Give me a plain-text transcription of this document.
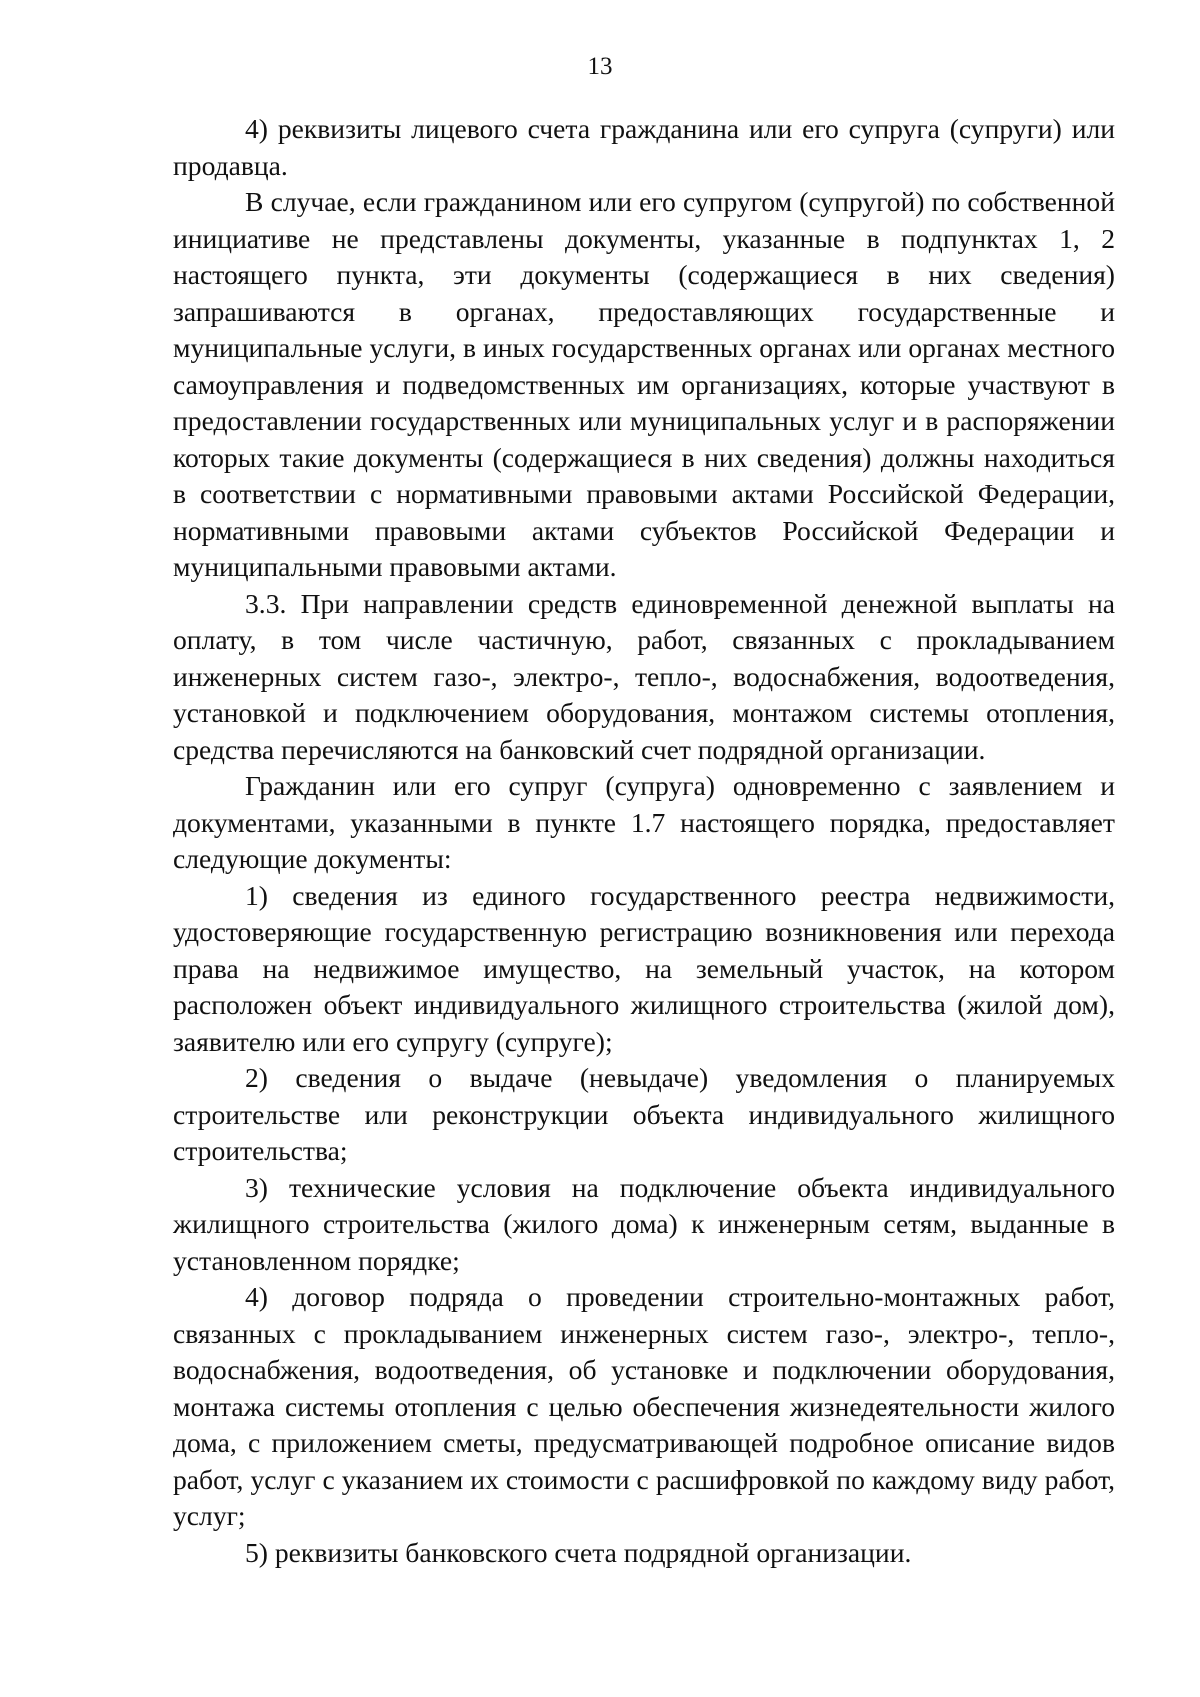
13

4) реквизиты лицевого счета гражданина или его супруга (супруги) или продавца.

В случае, если гражданином или его супругом (супругой) по собственной инициативе не представлены документы, указанные в подпунктах 1, 2 настоящего пункта, эти документы (содержащиеся в них сведения) запрашиваются в органах, предоставляющих государственные и муниципальные услуги, в иных государственных органах или органах местного самоуправления и подведомственных им организациях, которые участвуют в предоставлении государственных или муниципальных услуг и в распоряжении которых такие документы (содержащиеся в них сведения) должны находиться в соответствии с нормативными правовыми актами Российской Федерации, нормативными правовыми актами субъектов Российской Федерации и муниципальными правовыми актами.

3.3. При направлении средств единовременной денежной выплаты на оплату, в том числе частичную, работ, связанных с прокладыванием инженерных систем газо-, электро-, тепло-, водоснабжения, водоотведения, установкой и подключением оборудования, монтажом системы отопления, средства перечисляются на банковский счет подрядной организации.

Гражданин или его супруг (супруга) одновременно с заявлением и документами, указанными в пункте 1.7 настоящего порядка, предоставляет следующие документы:

1) сведения из единого государственного реестра недвижимости, удостоверяющие государственную регистрацию возникновения или перехода права на недвижимое имущество, на земельный участок, на котором расположен объект индивидуального жилищного строительства (жилой дом), заявителю или его супругу (супруге);

2) сведения о выдаче (невыдаче) уведомления о планируемых строительстве или реконструкции объекта индивидуального жилищного строительства;

3) технические условия на подключение объекта индивидуального жилищного строительства (жилого дома) к инженерным сетям, выданные в установленном порядке;

4) договор подряда о проведении строительно-монтажных работ, связанных с прокладыванием инженерных систем газо-, электро-, тепло-, водоснабжения, водоотведения, об установке и подключении оборудования, монтажа системы отопления с целью обеспечения жизнедеятельности жилого дома, с приложением сметы, предусматривающей подробное описание видов работ, услуг с указанием их стоимости с расшифровкой по каждому виду работ, услуг;

5) реквизиты банковского счета подрядной организации.
